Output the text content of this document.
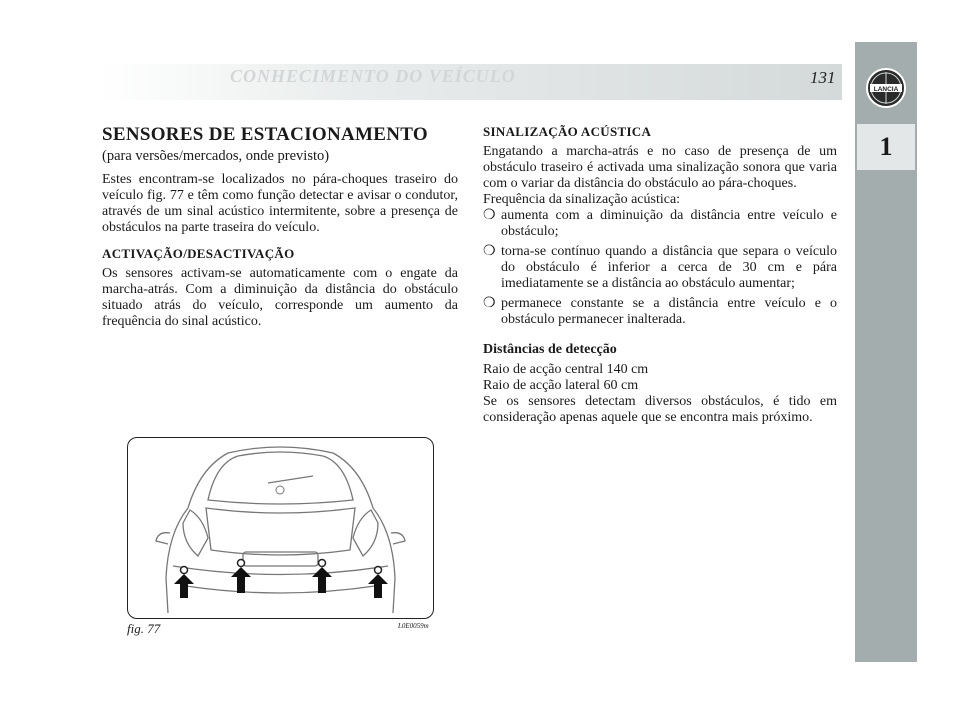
CONHECIMENTO DO VEÍCULO	131
LANCIA
1
SENSORES DE ESTACIONAMENTO
(para versões/mercados, onde previsto)

Estes encontram-se localizados no pára-choques traseiro do veículo fig. 77 e têm como função detectar e avisar o condutor, através de um sinal acústico intermitente, sobre a presença de obstáculos na parte traseira do veículo.

ACTIVAÇÃO/DESACTIVAÇÃO

Os sensores activam-se automaticamente com o engate da marcha-atrás. Com a diminuição da distância do obstáculo situado atrás do veículo, corresponde um aumento da frequência do sinal acústico.

SINALIZAÇÃO ACÚSTICA

Engatando a marcha-atrás e no caso de presença de um obstáculo traseiro é activada uma sinalização sonora que varia com o variar da distância do obstáculo ao pára-choques.

Frequência da sinalização acústica:

❍ aumenta com a diminuição da distância entre veículo e obstáculo;
❍ torna-se contínuo quando a distância que separa o veículo do obstáculo é inferior a cerca de 30 cm e pára imediatamente se a distância ao obstáculo aumentar;
❍ permanece constante se a distância entre veículo e o obstáculo permanecer inalterada.
Distâncias de detecção

Raio de acção central 140 cm

Raio de acção lateral 60 cm

Se os sensores detectam diversos obstáculos, é tido em consideração apenas aquele que se encontra mais próximo.

fig. 77	L0E0059m
